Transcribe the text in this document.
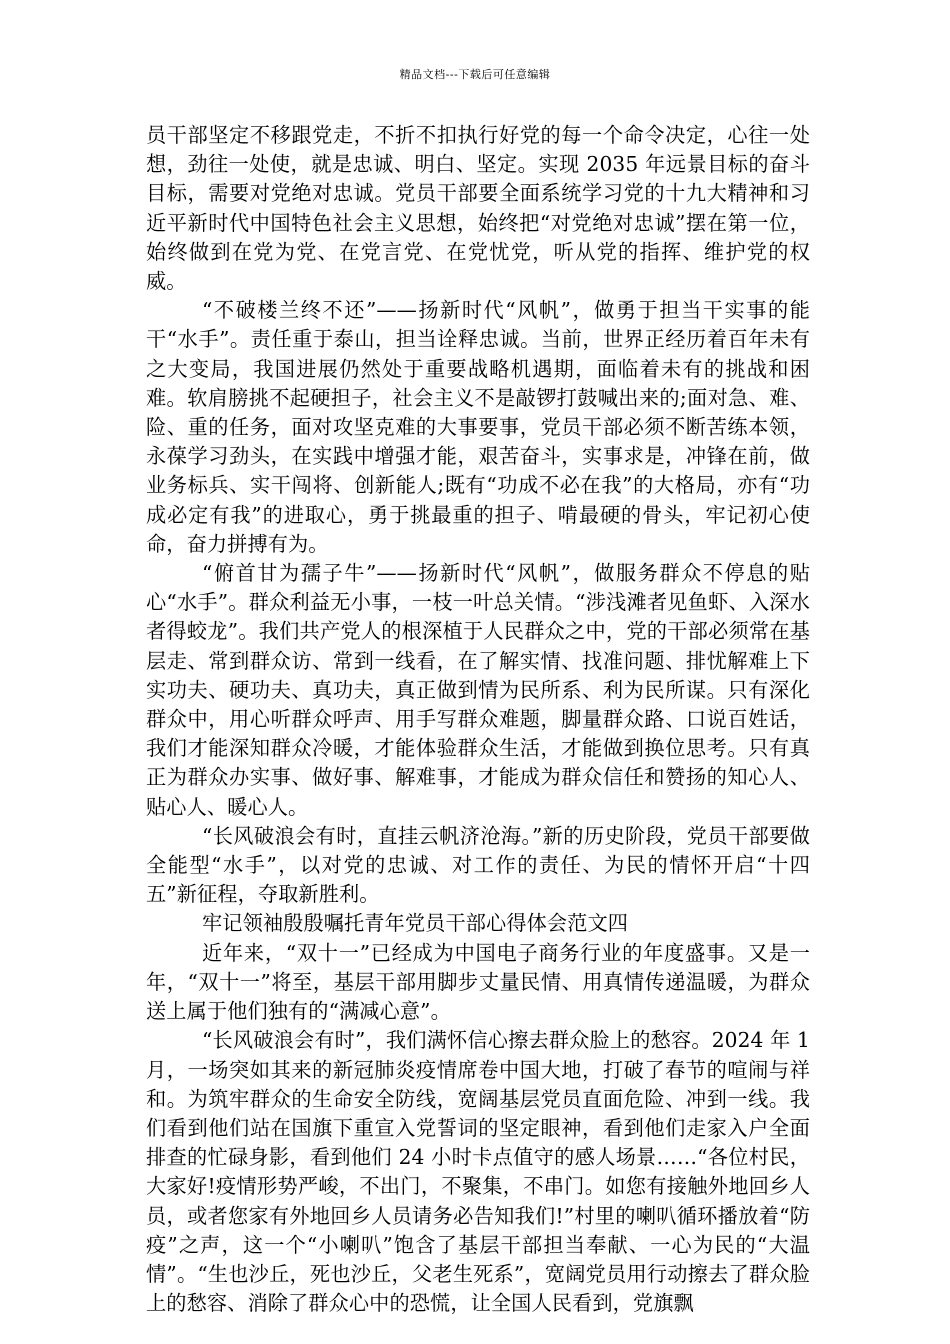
精品文档---下载后可任意编辑

员干部坚定不移跟党走，不折不扣执行好党的每一个命令决定，心往一处想，劲往一处使，就是忠诚、明白、坚定。实现 2035 年远景目标的奋斗目标，需要对党绝对忠诚。党员干部要全面系统学习党的十九大精神和习近平新时代中国特色社会主义思想，始终把“对党绝对忠诚”摆在第一位，始终做到在党为党、在党言党、在党忧党，听从党的指挥、维护党的权威。

“不破楼兰终不还”——扬新时代“风帆”，做勇于担当干实事的能干“水手”。责任重于泰山，担当诠释忠诚。当前，世界正经历着百年未有之大变局，我国进展仍然处于重要战略机遇期，面临着未有的挑战和困难。软肩膀挑不起硬担子，社会主义不是敲锣打鼓喊出来的;面对急、难、险、重的任务，面对攻坚克难的大事要事，党员干部必须不断苦练本领，永葆学习劲头，在实践中增强才能，艰苦奋斗，实事求是，冲锋在前，做业务标兵、实干闯将、创新能人;既有“功成不必在我”的大格局，亦有“功成必定有我”的进取心，勇于挑最重的担子、啃最硬的骨头，牢记初心使命，奋力拼搏有为。

“俯首甘为孺子牛”——扬新时代“风帆”，做服务群众不停息的贴心“水手”。群众利益无小事，一枝一叶总关情。“涉浅滩者见鱼虾、入深水者得蛟龙”。我们共产党人的根深植于人民群众之中，党的干部必须常在基层走、常到群众访、常到一线看，在了解实情、找准问题、排忧解难上下实功夫、硬功夫、真功夫，真正做到情为民所系、利为民所谋。只有深化群众中，用心听群众呼声、用手写群众难题，脚量群众路、口说百姓话，我们才能深知群众冷暖，才能体验群众生活，才能做到换位思考。只有真正为群众办实事、做好事、解难事，才能成为群众信任和赞扬的知心人、贴心人、暖心人。

“长风破浪会有时，直挂云帆济沧海。”新的历史阶段，党员干部要做全能型“水手”，以对党的忠诚、对工作的责任、为民的情怀开启“十四五”新征程，夺取新胜利。

牢记领袖殷殷嘱托青年党员干部心得体会范文四

近年来，“双十一”已经成为中国电子商务行业的年度盛事。又是一年，“双十一”将至，基层干部用脚步丈量民情、用真情传递温暖，为群众送上属于他们独有的“满减心意”。

“长风破浪会有时”，我们满怀信心擦去群众脸上的愁容。2024 年 1 月，一场突如其来的新冠肺炎疫情席卷中国大地，打破了春节的喧闹与祥和。为筑牢群众的生命安全防线，宽阔基层党员直面危险、冲到一线。我们看到他们站在国旗下重宣入党誓词的坚定眼神，看到他们走家入户全面排查的忙碌身影，看到他们 24 小时卡点值守的感人场景……“各位村民，大家好!疫情形势严峻，不出门，不聚集，不串门。如您有接触外地回乡人员，或者您家有外地回乡人员请务必告知我们!”村里的喇叭循环播放着“防疫”之声，这一个“小喇叭”饱含了基层干部担当奉献、一心为民的“大温情”。“生也沙丘，死也沙丘，父老生死系”，宽阔党员用行动擦去了群众脸上的愁容、消除了群众心中的恐慌，让全国人民看到，党旗飘
